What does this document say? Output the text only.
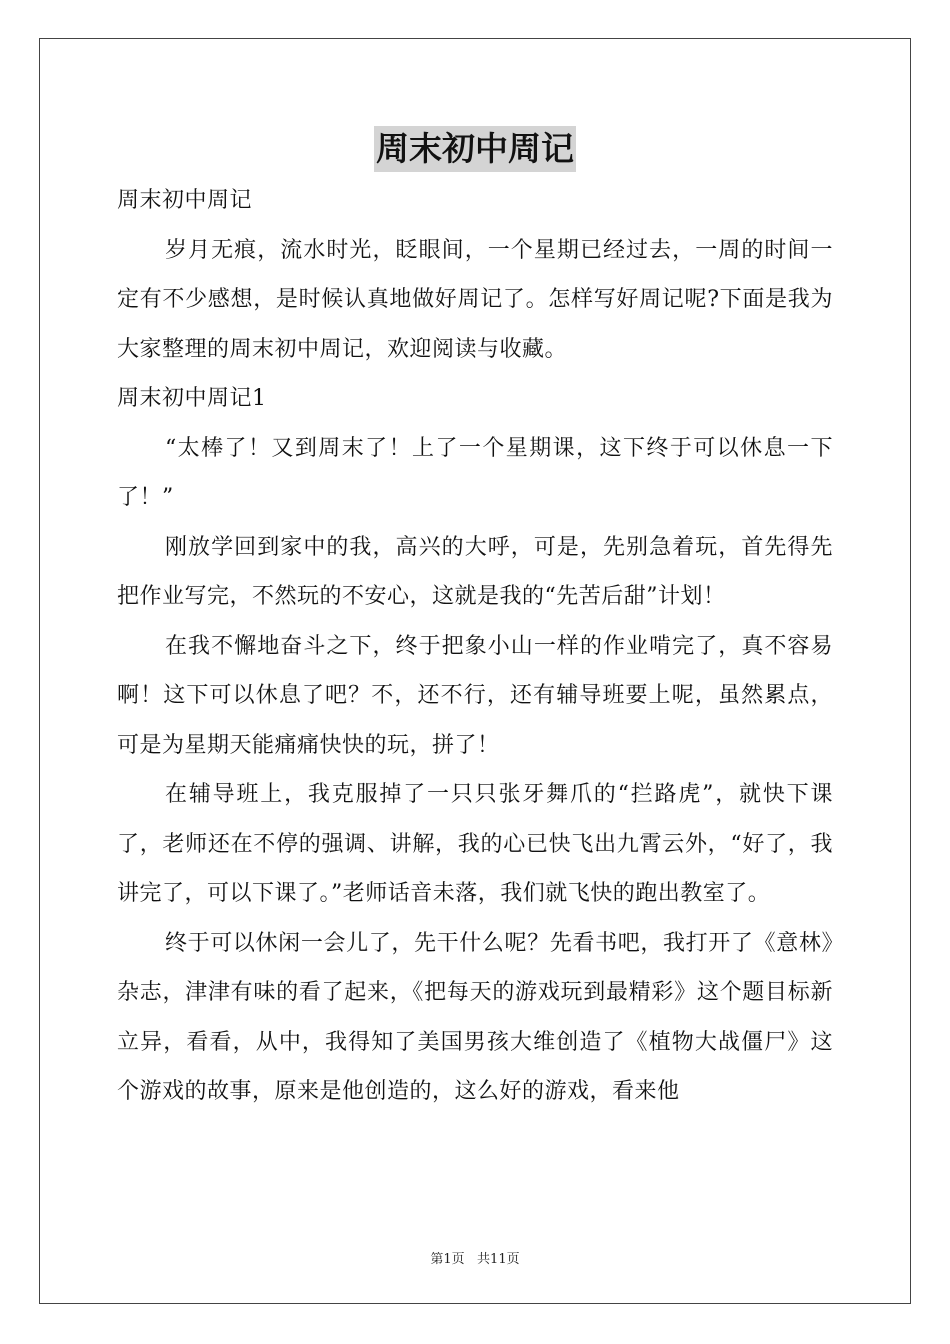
周末初中周记

周末初中周记

岁月无痕，流水时光，眨眼间，一个星期已经过去，一周的时间一定有不少感想，是时候认真地做好周记了。怎样写好周记呢?下面是我为大家整理的周末初中周记，欢迎阅读与收藏。

周末初中周记1

“太棒了！又到周末了！上了一个星期课，这下终于可以休息一下了！”

刚放学回到家中的我，高兴的大呼，可是，先别急着玩，首先得先把作业写完，不然玩的不安心，这就是我的“先苦后甜”计划！

在我不懈地奋斗之下，终于把象小山一样的作业啃完了，真不容易啊！这下可以休息了吧？不，还不行，还有辅导班要上呢，虽然累点，可是为星期天能痛痛快快的玩，拼了！

在辅导班上，我克服掉了一只只张牙舞爪的“拦路虎”，就快下课了，老师还在不停的强调、讲解，我的心已快飞出九霄云外，“好了，我讲完了，可以下课了。”老师话音未落，我们就飞快的跑出教室了。

终于可以休闲一会儿了，先干什么呢？先看书吧，我打开了《意林》杂志，津津有味的看了起来，《把每天的游戏玩到最精彩》这个题目标新立异，看看，从中，我得知了美国男孩大维创造了《植物大战僵尸》这个游戏的故事，原来是他创造的，这么好的游戏，看来他

第1页   共11页
